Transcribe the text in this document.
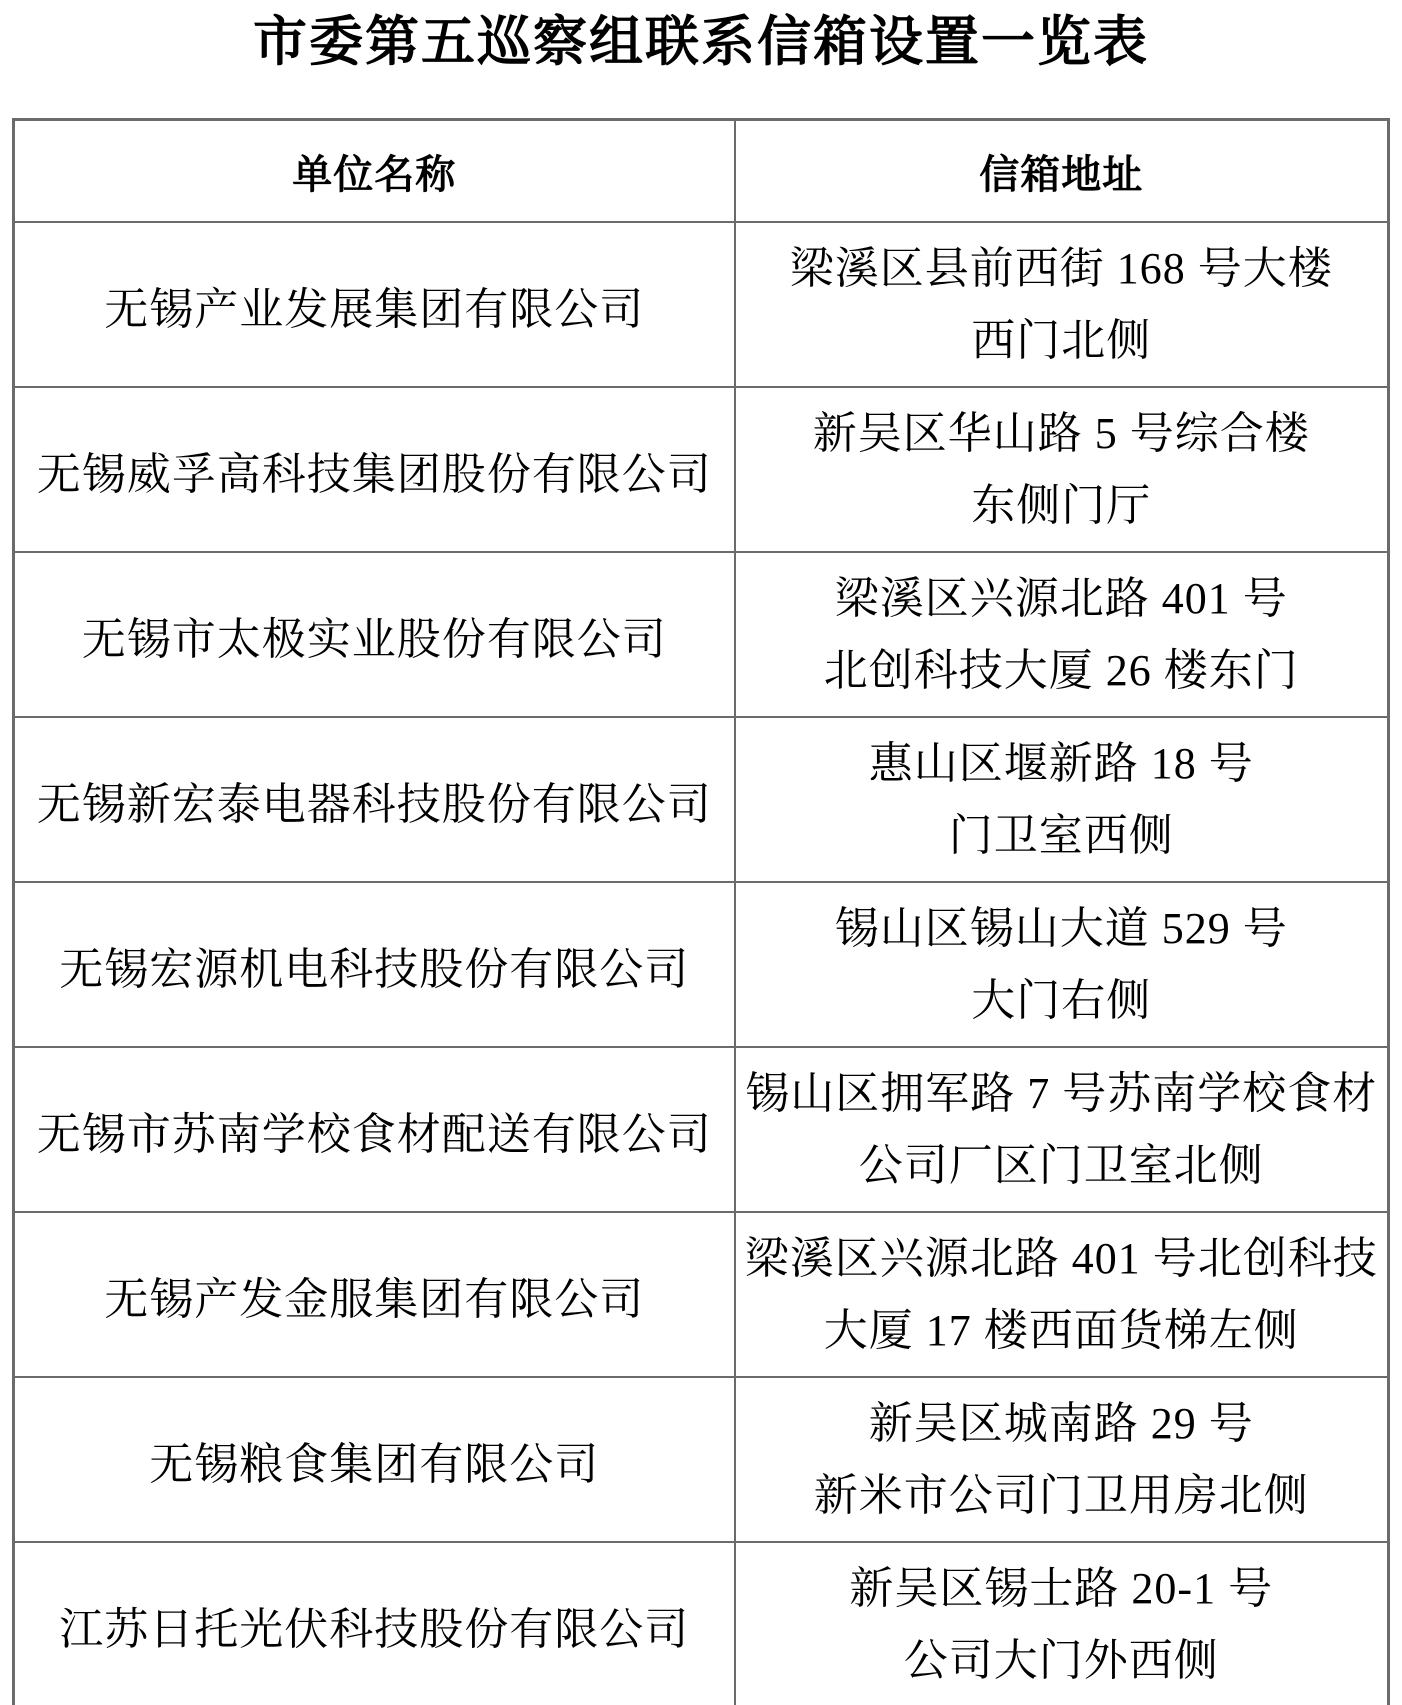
市委第五巡察组联系信箱设置一览表
单位名称	信箱地址
无锡产业发展集团有限公司	梁溪区县前西街 168 号大楼
西门北侧

无锡威孚高科技集团股份有限公司	新吴区华山路 5 号综合楼
东侧门厅

无锡市太极实业股份有限公司	梁溪区兴源北路 401 号
北创科技大厦 26 楼东门

无锡新宏泰电器科技股份有限公司	惠山区堰新路 18 号
门卫室西侧

无锡宏源机电科技股份有限公司	锡山区锡山大道 529 号
大门右侧

无锡市苏南学校食材配送有限公司	锡山区拥军路 7 号苏南学校食材
公司厂区门卫室北侧

无锡产发金服集团有限公司	梁溪区兴源北路 401 号北创科技
大厦 17 楼西面货梯左侧

无锡粮食集团有限公司	新吴区城南路 29 号
新米市公司门卫用房北侧

江苏日托光伏科技股份有限公司	新吴区锡士路 20-1 号
公司大门外西侧
